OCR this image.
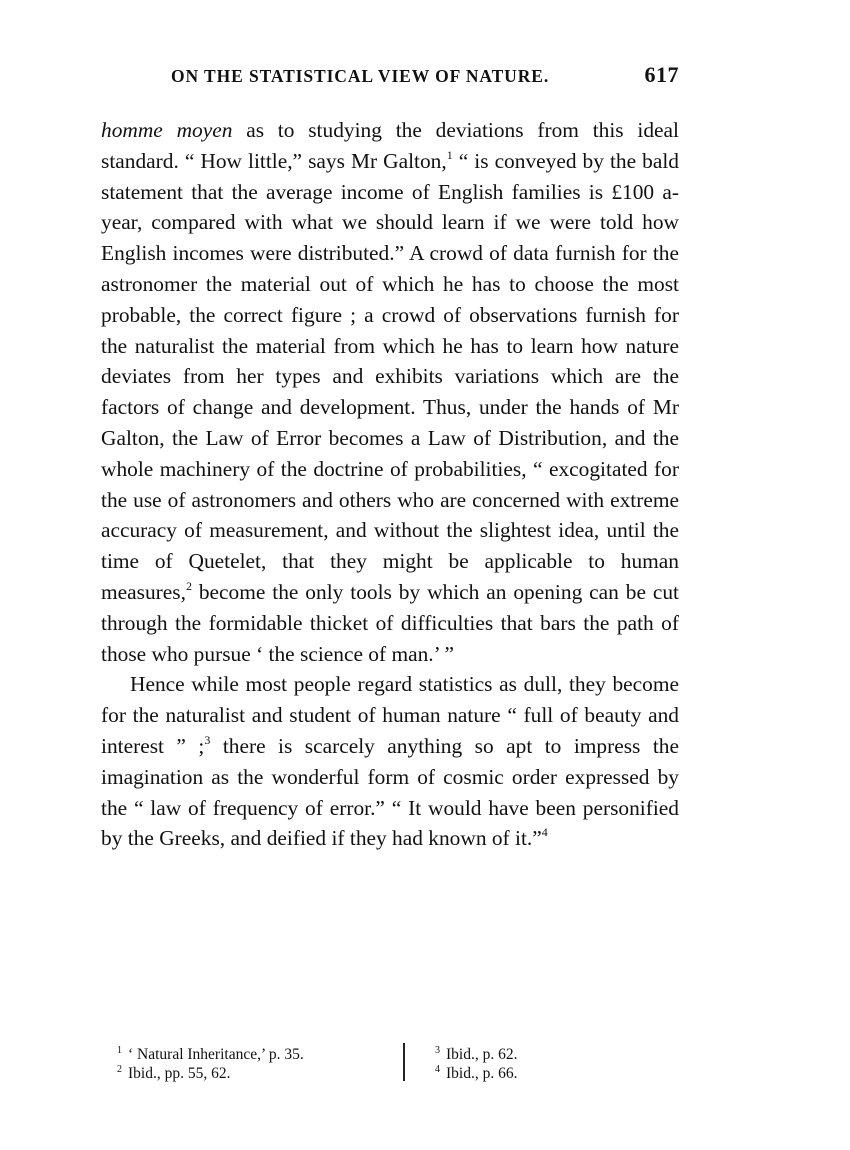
ON THE STATISTICAL VIEW OF NATURE.	617

homme moyen as to studying the deviations from this ideal standard. “ How little,” says Mr Galton,$^1$ “ is conveyed by the bald statement that the average income of English families is £100 a-year, compared with what we should learn if we were told how English incomes were distributed.” A crowd of data furnish for the astronomer the material out of which he has to choose the most probable, the correct figure ; a crowd of observations furnish for the naturalist the material from which he has to learn how nature deviates from her types and exhibits variations which are the factors of change and development. Thus, under the hands of Mr Galton, the Law of Error becomes a Law of Distribution, and the whole machinery of the doctrine of probabilities, “ excogitated for the use of astronomers and others who are concerned with extreme accuracy of measurement, and without the slightest idea, until the time of Quetelet, that they might be applicable to human measures,$^2$ become the only tools by which an opening can be cut through the formidable thicket of difficulties that bars the path of those who pursue ‘ the science of man.’ ”

Hence while most people regard statistics as dull, they become for the naturalist and student of human nature “ full of beauty and interest ” ;$^3$ there is scarcely anything so apt to impress the imagination as the wonderful form of cosmic order expressed by the “ law of frequency of error.” “ It would have been personified by the Greeks, and deified if they had known of it.”$^4$

$^1$ ‘ Natural Inheritance,’ p. 35.
$^2$ Ibid., pp. 55, 62.
$^3$ Ibid., p. 62.
$^4$ Ibid., p. 66.
